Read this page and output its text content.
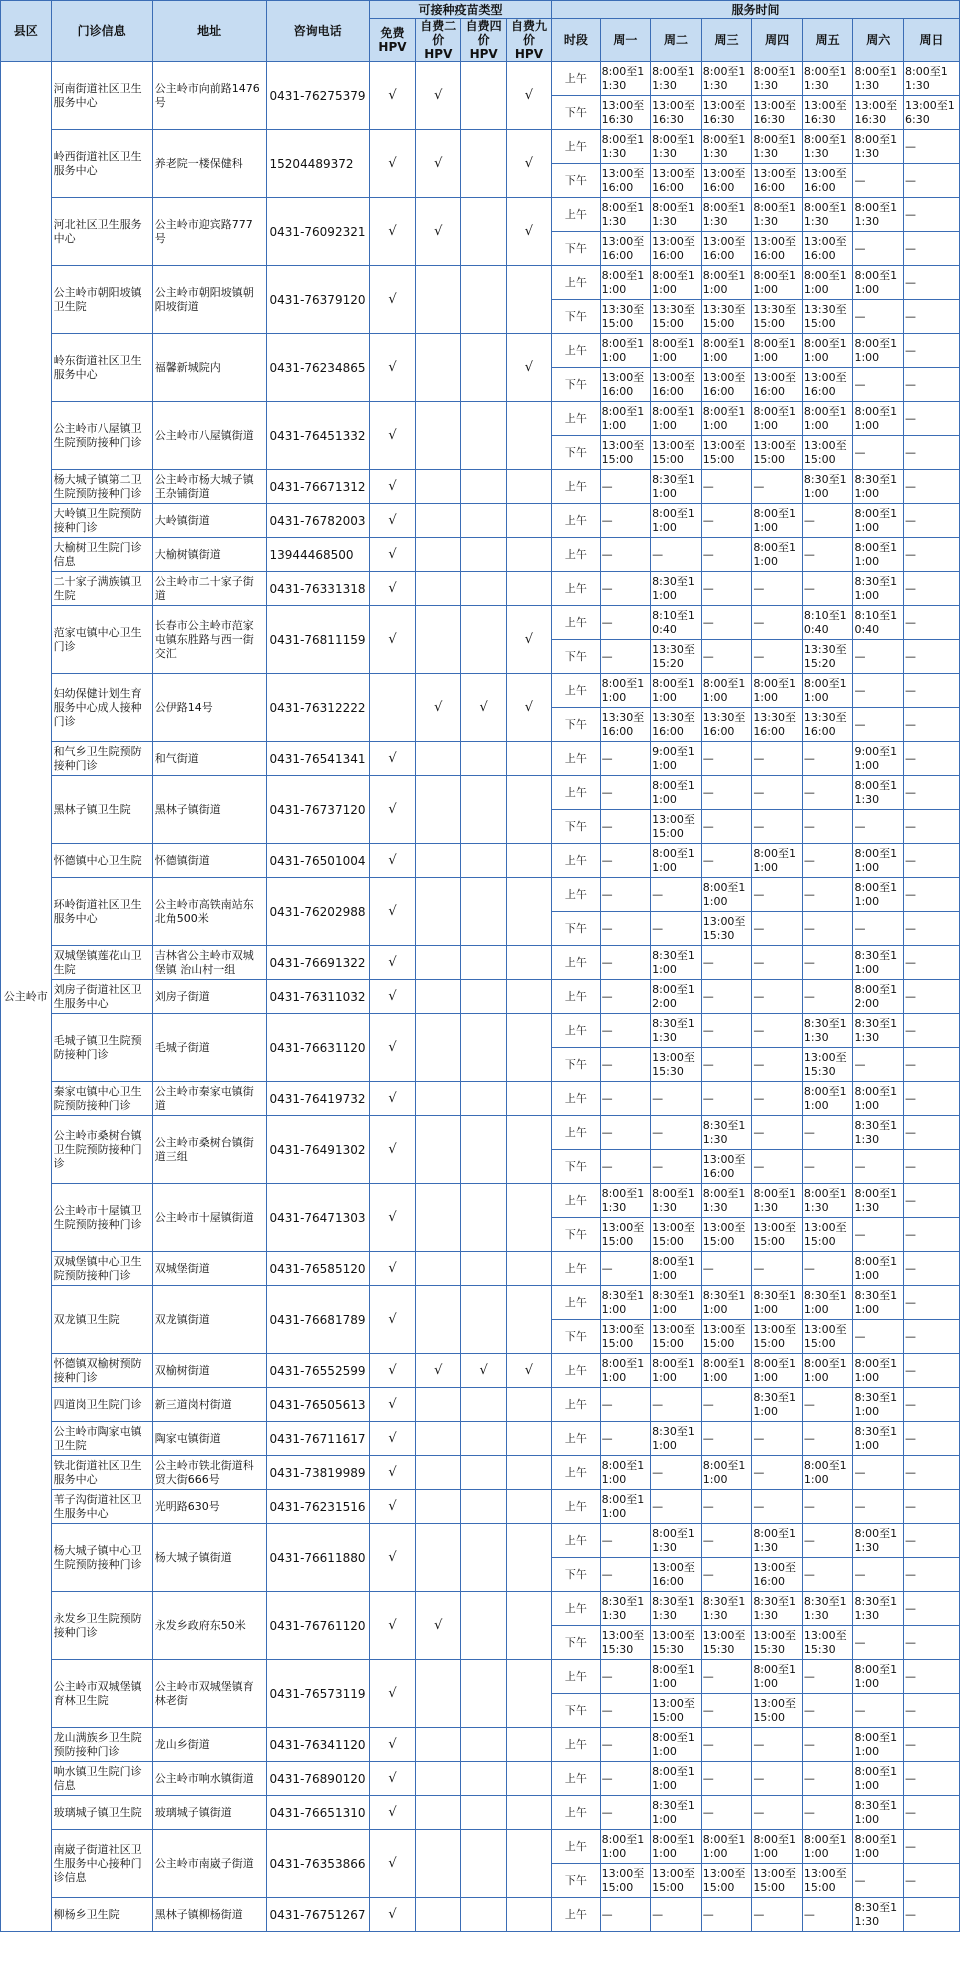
县区	门诊信息	地址	咨询电话	可接种疫苗类型				服务时间							
				免费 HPV	自费二价 HPV	自费四价 HPV	自费九价 HPV	时段	周一	周二	周三	周四	周五	周六	周日
公主岭市	河南街道社区卫生服务中心	公主岭市向前路1476号	0431-76275379	√	√		√	上午	8:00至11:30	8:00至11:30	8:00至11:30	8:00至11:30	8:00至11:30	8:00至11:30	8:00至11:30
								下午	13:00至16:30	13:00至16:30	13:00至16:30	13:00至16:30	13:00至16:30	13:00至16:30	13:00至16:30
	岭西街道社区卫生服务中心	养老院一楼保健科	15204489372	√	√		√	上午	8:00至11:30	8:00至11:30	8:00至11:30	8:00至11:30	8:00至11:30	8:00至11:30	—
								下午	13:00至16:00	13:00至16:00	13:00至16:00	13:00至16:00	13:00至16:00	—	—
	河北社区卫生服务中心	公主岭市迎宾路777号	0431-76092321	√	√		√	上午	8:00至11:30	8:00至11:30	8:00至11:30	8:00至11:30	8:00至11:30	8:00至11:30	—
								下午	13:00至16:00	13:00至16:00	13:00至16:00	13:00至16:00	13:00至16:00	—	—
	公主岭市朝阳坡镇卫生院	公主岭市朝阳坡镇朝阳坡街道	0431-76379120	√				上午	8:00至11:00	8:00至11:00	8:00至11:00	8:00至11:00	8:00至11:00	8:00至11:00	—
								下午	13:30至15:00	13:30至15:00	13:30至15:00	13:30至15:00	13:30至15:00	—	—
	岭东街道社区卫生服务中心	福馨新城院内	0431-76234865	√			√	上午	8:00至11:00	8:00至11:00	8:00至11:00	8:00至11:00	8:00至11:00	8:00至11:00	—
								下午	13:00至16:00	13:00至16:00	13:00至16:00	13:00至16:00	13:00至16:00	—	—
	公主岭市八屋镇卫生院预防接种门诊	公主岭市八屋镇街道	0431-76451332	√				上午	8:00至11:00	8:00至11:00	8:00至11:00	8:00至11:00	8:00至11:00	8:00至11:00	—
								下午	13:00至15:00	13:00至15:00	13:00至15:00	13:00至15:00	13:00至15:00	—	—
	杨大城子镇第二卫生院预防接种门诊	公主岭市杨大城子镇王杂铺街道	0431-76671312	√				上午	—	8:30至11:00	—	—	8:30至11:00	8:30至11:00	—
	大岭镇卫生院预防接种门诊	大岭镇街道	0431-76782003	√				上午	—	8:00至11:00	—	8:00至11:00	—	8:00至11:00	—
	大榆树卫生院门诊信息	大榆树镇街道	13944468500	√				上午	—	—	—	8:00至11:00	—	8:00至11:00	—
	二十家子满族镇卫生院	公主岭市二十家子街道	0431-76331318	√				上午	—	8:30至11:00	—	—	—	8:30至11:00	—
	范家屯镇中心卫生门诊	长春市公主岭市范家屯镇东胜路与西一街交汇	0431-76811159	√			√	上午	—	8:10至10:40	—	—	8:10至10:40	8:10至10:40	—
								下午	—	13:30至15:20	—	—	13:30至15:20	—	—
	妇幼保健计划生育服务中心成人接种门诊	公伊路14号	0431-76312222		√	√	√	上午	8:00至11:00	8:00至11:00	8:00至11:00	8:00至11:00	8:00至11:00	—	—
								下午	13:30至16:00	13:30至16:00	13:30至16:00	13:30至16:00	13:30至16:00	—	—
	和气乡卫生院预防接种门诊	和气街道	0431-76541341	√				上午	—	9:00至11:00	—	—	—	9:00至11:00	—
	黑林子镇卫生院	黑林子镇街道	0431-76737120	√				上午	—	8:00至11:00	—	—	—	8:00至11:30	—
								下午	—	13:00至15:00	—	—	—	—	—
	怀德镇中心卫生院	怀德镇街道	0431-76501004	√				上午	—	8:00至11:00	—	8:00至11:00	—	8:00至11:00	—
	环岭街道社区卫生服务中心	公主岭市高铁南站东北角500米	0431-76202988	√				上午	—	—	8:00至11:00	—	—	8:00至11:00	—
								下午	—	—	13:00至15:30	—	—	—	—
	双城堡镇莲花山卫生院	吉林省公主岭市双城堡镇 治山村一组	0431-76691322	√				上午	—	8:30至11:00	—	—	—	8:30至11:00	—
	刘房子街道社区卫生服务中心	刘房子街道	0431-76311032	√				上午	—	8:00至12:00	—	—	—	8:00至12:00	—
	毛城子镇卫生院预防接种门诊	毛城子街道	0431-76631120	√				上午	—	8:30至11:30	—	—	8:30至11:30	8:30至11:30	—
								下午	—	13:00至15:30	—	—	13:00至15:30	—	—
	秦家屯镇中心卫生院预防接种门诊	公主岭市秦家屯镇街道	0431-76419732	√				上午	—	—	—	—	8:00至11:00	8:00至11:00	—
	公主岭市桑树台镇卫生院预防接种门诊	公主岭市桑树台镇街道三组	0431-76491302	√				上午	—	—	8:30至11:30	—	—	8:30至11:30	—
								下午	—	—	13:00至16:00	—	—	—	—
	公主岭市十屋镇卫生院预防接种门诊	公主岭市十屋镇街道	0431-76471303	√				上午	8:00至11:30	8:00至11:30	8:00至11:30	8:00至11:30	8:00至11:30	8:00至11:30	—
								下午	13:00至15:00	13:00至15:00	13:00至15:00	13:00至15:00	13:00至15:00	—	—
	双城堡镇中心卫生院预防接种门诊	双城堡街道	0431-76585120	√				上午	—	8:00至11:00	—	—	—	8:00至11:00	—
	双龙镇卫生院	双龙镇街道	0431-76681789	√				上午	8:30至11:00	8:30至11:00	8:30至11:00	8:30至11:00	8:30至11:00	8:30至11:00	—
								下午	13:00至15:00	13:00至15:00	13:00至15:00	13:00至15:00	13:00至15:00	—	—
	怀德镇双榆树预防接种门诊	双榆树街道	0431-76552599	√	√	√	√	上午	8:00至11:00	8:00至11:00	8:00至11:00	8:00至11:00	8:00至11:00	8:00至11:00	—
	四道岗卫生院门诊	新三道岗村街道	0431-76505613	√				上午	—	—	—	8:30至11:00	—	8:30至11:00	—
	公主岭市陶家屯镇卫生院	陶家屯镇街道	0431-76711617	√				上午	—	8:30至11:00	—	—	—	8:30至11:00	—
	铁北街道社区卫生服务中心	公主岭市铁北街道科贸大街666号	0431-73819989	√				上午	8:00至11:00	—	8:00至11:00	—	8:00至11:00	—	—
	苇子沟街道社区卫生服务中心	光明路630号	0431-76231516	√				上午	8:00至11:00	—	—	—	—	—	—
	杨大城子镇中心卫生院预防接种门诊	杨大城子镇街道	0431-76611880	√				上午	—	8:00至11:30	—	8:00至11:30	—	8:00至11:30	—
								下午	—	13:00至16:00	—	13:00至16:00	—	—	—
	永发乡卫生院预防接种门诊	永发乡政府东50米	0431-76761120	√	√			上午	8:30至11:30	8:30至11:30	8:30至11:30	8:30至11:30	8:30至11:30	8:30至11:30	—
								下午	13:00至15:30	13:00至15:30	13:00至15:30	13:00至15:30	13:00至15:30	—	—
	公主岭市双城堡镇育林卫生院	公主岭市双城堡镇育林老街	0431-76573119	√				上午	—	8:00至11:00	—	8:00至11:00	—	8:00至11:00	—
								下午	—	13:00至15:00	—	13:00至15:00	—	—	—
	龙山满族乡卫生院预防接种门诊	龙山乡街道	0431-76341120	√				上午	—	8:00至11:00	—	—	—	8:00至11:00	—
	响水镇卫生院门诊信息	公主岭市响水镇街道	0431-76890120	√				上午	—	8:00至11:00	—	—	—	8:00至11:00	—
	玻璃城子镇卫生院	玻璃城子镇街道	0431-76651310	√				上午	—	8:30至11:00	—	—	—	8:30至11:00	—
	南崴子街道社区卫生服务中心接种门诊信息	公主岭市南崴子街道	0431-76353866	√				上午	8:00至11:00	8:00至11:00	8:00至11:00	8:00至11:00	8:00至11:00	8:00至11:00	—
								下午	13:00至15:00	13:00至15:00	13:00至15:00	13:00至15:00	13:00至15:00	—	—
	柳杨乡卫生院	黑林子镇柳杨街道	0431-76751267	√				上午	—	—	—	—	—	8:30至11:30	—
